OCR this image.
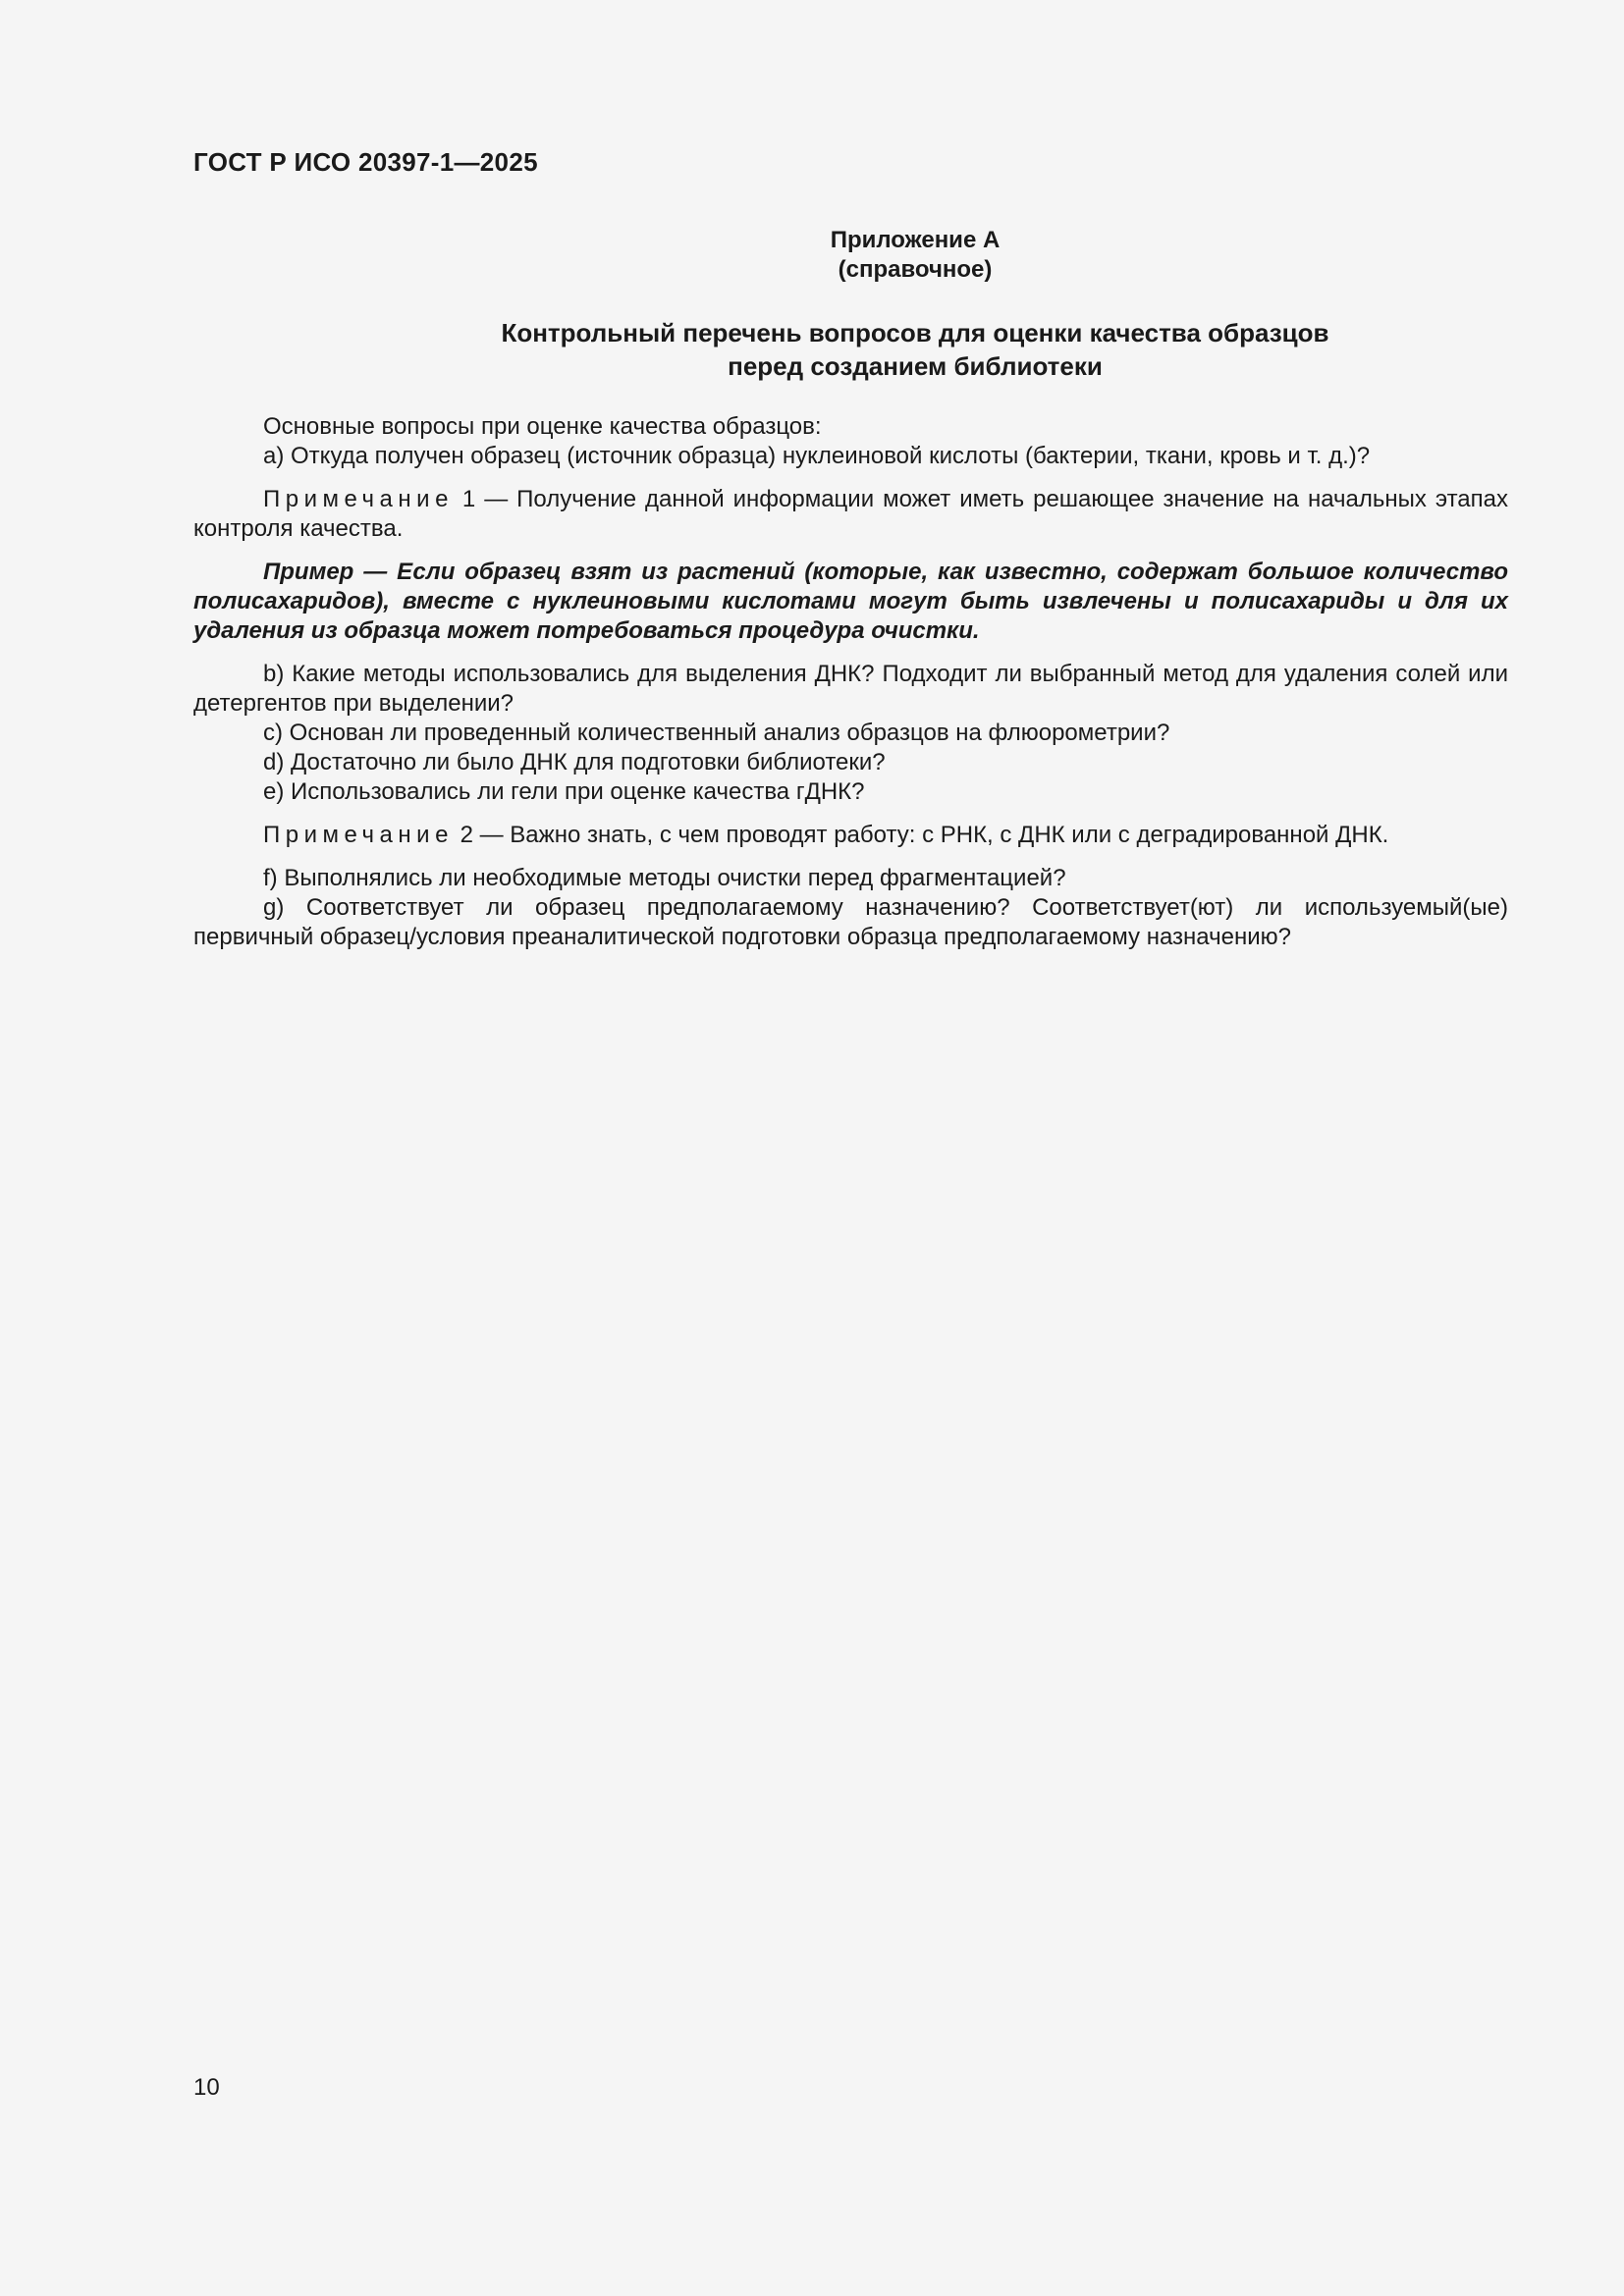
ГОСТ Р ИСО 20397-1—2025
Приложение А
(справочное)
Контрольный перечень вопросов для оценки качества образцов
перед созданием библиотеки

Основные вопросы при оценке качества образцов:

а) Откуда получен образец (источник образца) нуклеиновой кислоты (бактерии, ткани, кровь и т. д.)?

Примечание 1 — Получение данной информации может иметь решающее значение на начальных этапах контроля качества.

Пример — Если образец взят из растений (которые, как известно, содержат большое количество полисахаридов), вместе с нуклеиновыми кислотами могут быть извлечены и полисахариды и для их удаления из образца может потребоваться процедура очистки.

b) Какие методы использовались для выделения ДНК? Подходит ли выбранный метод для удаления солей или детергентов при выделении?

с) Основан ли проведенный количественный анализ образцов на флюорометрии?

d) Достаточно ли было ДНК для подготовки библиотеки?

е) Использовались ли гели при оценке качества гДНК?

Примечание 2 — Важно знать, с чем проводят работу: с РНК, с ДНК или с деградированной ДНК.

f) Выполнялись ли необходимые методы очистки перед фрагментацией?

g) Соответствует ли образец предполагаемому назначению? Соответствует(ют) ли используемый(ые) первичный образец/условия преаналитической подготовки образца предполагаемому назначению?

10
